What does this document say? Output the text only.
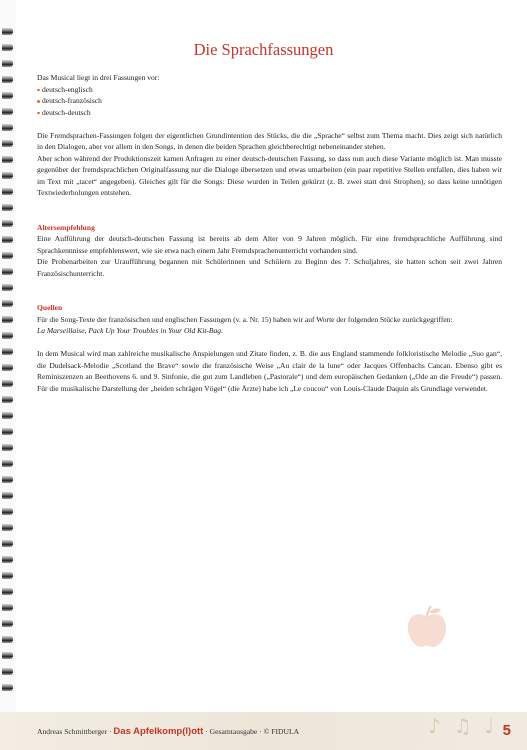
Die Sprachfassungen

Das Musical liegt in drei Fassungen vor:

deutsch-englisch
deutsch-französisch
deutsch-deutsch

Die Fremdsprachen-Fassungen folgen der eigentlichen Grundintention des Stücks, die die „Sprache“ selbst zum Thema macht. Dies zeigt sich natürlich in den Dialogen, aber vor allem in den Songs, in denen die beiden Sprachen gleichberechtigt nebeneinander stehen.

Aber schon während der Produktionszeit kamen Anfragen zu einer deutsch-deutschen Fassung, so dass nun auch diese Variante möglich ist. Man musste gegenüber der fremdsprachlichen Originalfassung nur die Dialoge übersetzen und etwas umarbeiten (ein paar repetitive Stellen entfallen, dies haben wir im Text mit „tacet“ angegeben). Gleiches gilt für die Songs: Diese wurden in Teilen gekürzt (z. B. zwei statt drei Strophen), so dass keine unnötigen Textwiederholungen entstehen.

Altersempfehlung

Eine Aufführung der deutsch-deutschen Fassung ist bereits ab dem Alter von 9 Jahren möglich. Für eine fremdsprachliche Aufführung sind Sprachkennnisse empfehlenswert, wie sie etwa nach einem Jahr Fremdsprachenunterricht vorhanden sind.

Die Probenarbeiten zur Uraufführung begannen mit Schülerinnen und Schülern zu Beginn des 7. Schuljahres, sie hatten schon seit zwei Jahren Französischunterricht.

Quellen

Für die Song-Texte der französischen und englischen Fassungen (v. a. Nr. 15) haben wir auf Worte der folgenden Stücke zurückgegriffen:

La Marseillaise, Pack Up Your Troubles in Your Old Kit-Bag.

In dem Musical wird man zahlreiche musikalische Anspielungen und Zitate finden, z. B. die aus England stammende folkloristische Melodie „Suo gan“, die Dudelsack-Melodie „Scotland the Brave“ sowie die französische Weise „Au clair de la lune“ oder Jacques Offenbachs Cancan. Ebenso gibt es Reminiszenzen an Beethovens 6. und 9. Sinfonie, die gut zum Landleben („Pastorale“) und dem europäischen Gedanken („Ode an die Freude“) passen. Für die musikalische Darstellung der „beiden schrägen Vögel“ (die Ärzte) habe ich „Le coucou“ von Louis-Claude Daquin als Grundlage verwendet.

♪ ♫ ♩
Andreas Schmittberger · Das Apfelkomp(l)ott · Gesamtausgabe · © FIDULA	5
